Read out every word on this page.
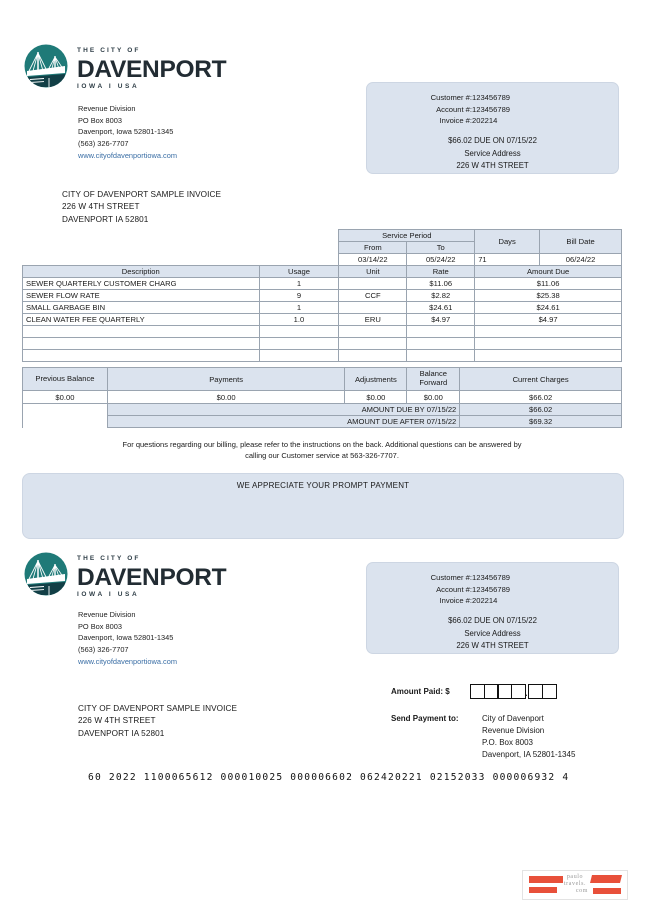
THE CITY OF
DAVENPORT
IOWA I USA
Revenue Division
PO Box 8003
Davenport, Iowa 52801-1345
(563) 326-7707
www.cityofdavenportiowa.com
Customer #: 123456789
Account #: 123456789
Invoice #: 202214
$66.02 DUE ON 07/15/22
Service Address
226 W 4TH STREET
CITY OF DAVENPORT SAMPLE INVOICE
226 W 4TH STREET
DAVENPORT IA 52801
		Service Period		Days	Bill Date
		From	To		
		03/14/22	05/24/22	71	06/24/22
Description	Usage	Unit	Rate	Amount Due	
SEWER QUARTERLY CUSTOMER CHARG	1		$11.06	$11.06	
SEWER FLOW RATE	9	CCF	$2.82	$25.38	
SMALL GARBAGE BIN	1		$24.61	$24.61	
CLEAN WATER FEE QUARTERLY	1.0	ERU	$4.97	$4.97	

Previous Balance	Payments	Adjustments	Balance Forward	Current Charges
$0.00	$0.00	$0.00	$0.00	$66.02
	AMOUNT DUE BY 07/15/22			$66.02
	AMOUNT DUE AFTER 07/15/22			$69.32
For questions regarding our billing, please refer to the instructions on the back. Additional questions can be answered by
calling our Customer service at 563-326-7707.
WE APPRECIATE YOUR PROMPT PAYMENT
THE CITY OF
DAVENPORT
IOWA I USA
Revenue Division
PO Box 8003
Davenport, Iowa 52801-1345
(563) 326-7707
www.cityofdavenportiowa.com
Customer #: 123456789
Account #: 123456789
Invoice #: 202214
$66.02 DUE ON 07/15/22
Service Address
226 W 4TH STREET
CITY OF DAVENPORT SAMPLE INVOICE
226 W 4TH STREET
DAVENPORT IA 52801
Amount Paid: $	.
Send Payment to:	City of Davenport
Revenue Division
P.O. Box 8003
Davenport, IA 52801-1345
60 2022 1100065612 000010025 000006602 062420221 02152033 000006932 4
paulo
travels.
com
